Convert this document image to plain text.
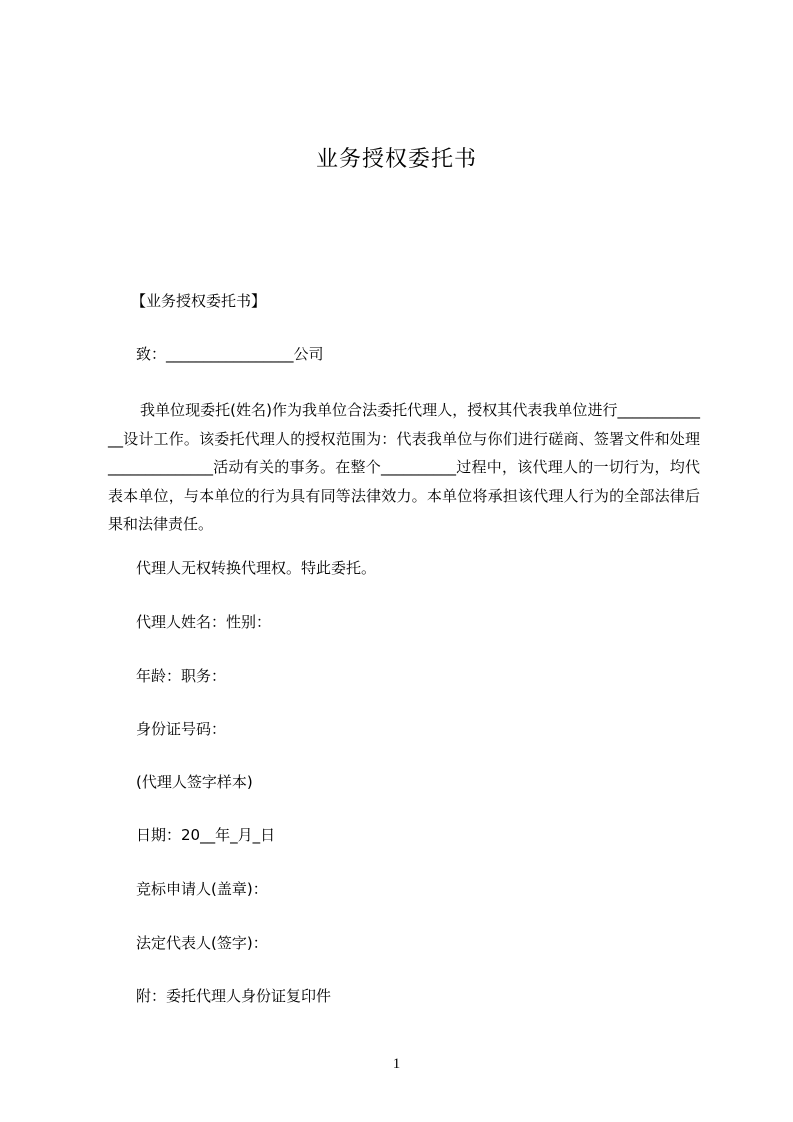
业务授权委托书
【业务授权委托书】
致：_________________公司
我单位现委托(姓名)作为我单位合法委托代理人，授权其代表我单位进行_____________设计工作。该委托代理人的授权范围为：代表我单位与你们进行磋商、签署文件和处理______________活动有关的事务。在整个__________过程中，该代理人的一切行为，均代表本单位，与本单位的行为具有同等法律效力。本单位将承担该代理人行为的全部法律后果和法律责任。
代理人无权转换代理权。特此委托。
代理人姓名：性别：
年龄：职务：
身份证号码：
(代理人签字样本)
日期：20__年_月_日
竞标申请人(盖章)：
法定代表人(签字)：
附：委托代理人身份证复印件
1
